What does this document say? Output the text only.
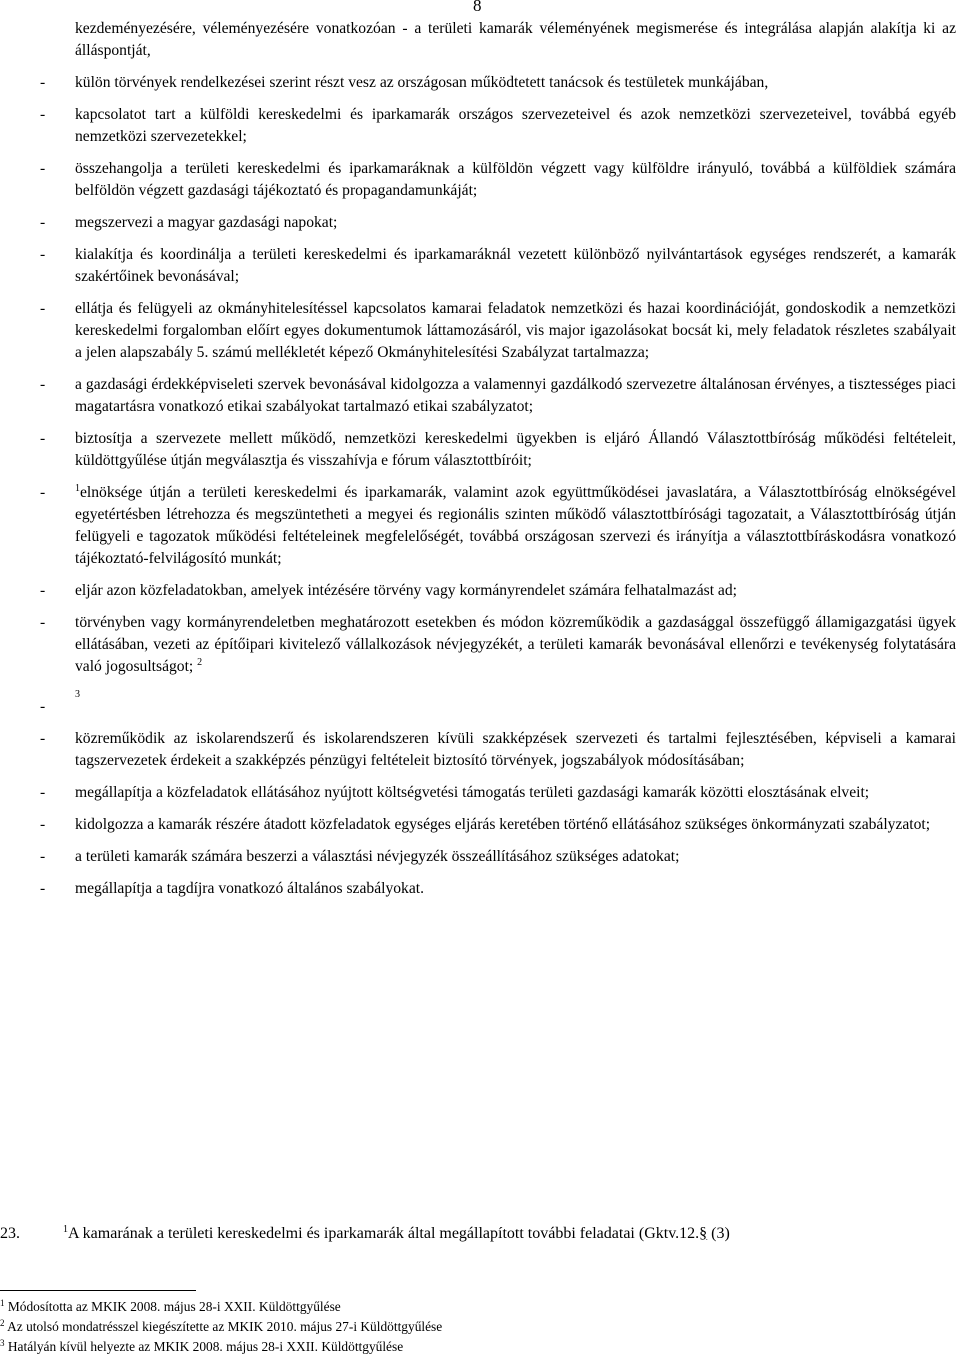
8
kezdeményezésére, véleményezésére vonatkozóan - a területi kamarák véleményének megismerése és integrálása alapján alakítja ki az álláspontját,
-	külön törvények rendelkezései szerint részt vesz az országosan működtetett tanácsok és testületek munkájában,
-	kapcsolatot tart a külföldi kereskedelmi és iparkamarák országos szervezeteivel és azok nemzetközi szervezeteivel, továbbá egyéb nemzetközi szervezetekkel;
-	összehangolja a területi kereskedelmi és iparkamaráknak a külföldön végzett vagy külföldre irányuló, továbbá a külföldiek számára belföldön végzett gazdasági tájékoztató és propagandamunkáját;
-	megszervezi a magyar gazdasági napokat;
-	kialakítja és koordinálja a területi kereskedelmi és iparkamaráknál vezetett különböző nyilvántartások egységes rendszerét, a kamarák szakértőinek bevonásával;
-	ellátja és felügyeli az okmányhitelesítéssel kapcsolatos kamarai feladatok nemzetközi és hazai koordinációját, gondoskodik a nemzetközi kereskedelmi forgalomban előírt egyes dokumentumok láttamozásáról, vis major igazolásokat bocsát ki, mely feladatok részletes szabályait a jelen alapszabály 5. számú mellékletét képező Okmányhitelesítési Szabályzat tartalmazza;
-	a gazdasági érdekképviseleti szervek bevonásával kidolgozza a valamennyi gazdálkodó szervezetre általánosan érvényes, a tisztességes piaci magatartásra vonatkozó etikai szabályokat tartalmazó etikai szabályzatot;
-	biztosítja a szervezete mellett működő, nemzetközi kereskedelmi ügyekben is eljáró Állandó Választottbíróság működési feltételeit, küldöttgyűlése útján megválasztja és visszahívja e fórum választottbíróit;
-	$^1$elnöksége útján a területi kereskedelmi és iparkamarák, valamint azok együttműködései javaslatára, a Választottbíróság elnökségével egyetértésben létrehozza és megszüntetheti a megyei és regionális szinten működő választottbírósági tagozatait, a Választottbíróság útján felügyeli e tagozatok működési feltételeinek megfelelőségét, továbbá országosan szervezi és irányítja a választottbíráskodásra vonatkozó tájékoztató-felvilágosító munkát;
-	eljár azon közfeladatokban, amelyek intézésére törvény vagy kormányrendelet számára felhatalmazást ad;
-	törvényben vagy kormányrendeletben meghatározott esetekben és módon közreműködik a gazdasággal összefüggő államigazgatási ügyek ellátásában, vezeti az építőipari kivitelező vállalkozások névjegyzékét, a területi kamarák bevonásával ellenőrzi e tevékenység folytatására való jogosultságot; $^2$
-
$^3$
-	közreműködik az iskolarendszerű és iskolarendszeren kívüli szakképzések szervezeti és tartalmi fejlesztésében, képviseli a kamarai tagszervezetek érdekeit a szakképzés pénzügyi feltételeit biztosító törvények, jogszabályok módosításában;
-	megállapítja a közfeladatok ellátásához nyújtott költségvetési támogatás területi gazdasági kamarák közötti elosztásának elveit;
-	kidolgozza a kamarák részére átadott közfeladatok egységes eljárás keretében történő ellátásához szükséges önkormányzati szabályzatot;
-	a területi kamarák számára beszerzi a választási névjegyzék összeállításához szükséges adatokat;
-	megállapítja a tagdíjra vonatkozó általános szabályokat.
23.	$^1$A kamarának a területi kereskedelmi és iparkamarák által megállapított további feladatai (Gktv.12.§ (3)
$^1$ Módosította az MKIK 2008. május 28-i XXII. Küldöttgyűlése
$^2$ Az utolsó mondatrésszel kiegészítette az MKIK 2010. május 27-i Küldöttgyűlése
$^3$ Hatályán kívül helyezte az MKIK 2008. május 28-i XXII. Küldöttgyűlése
